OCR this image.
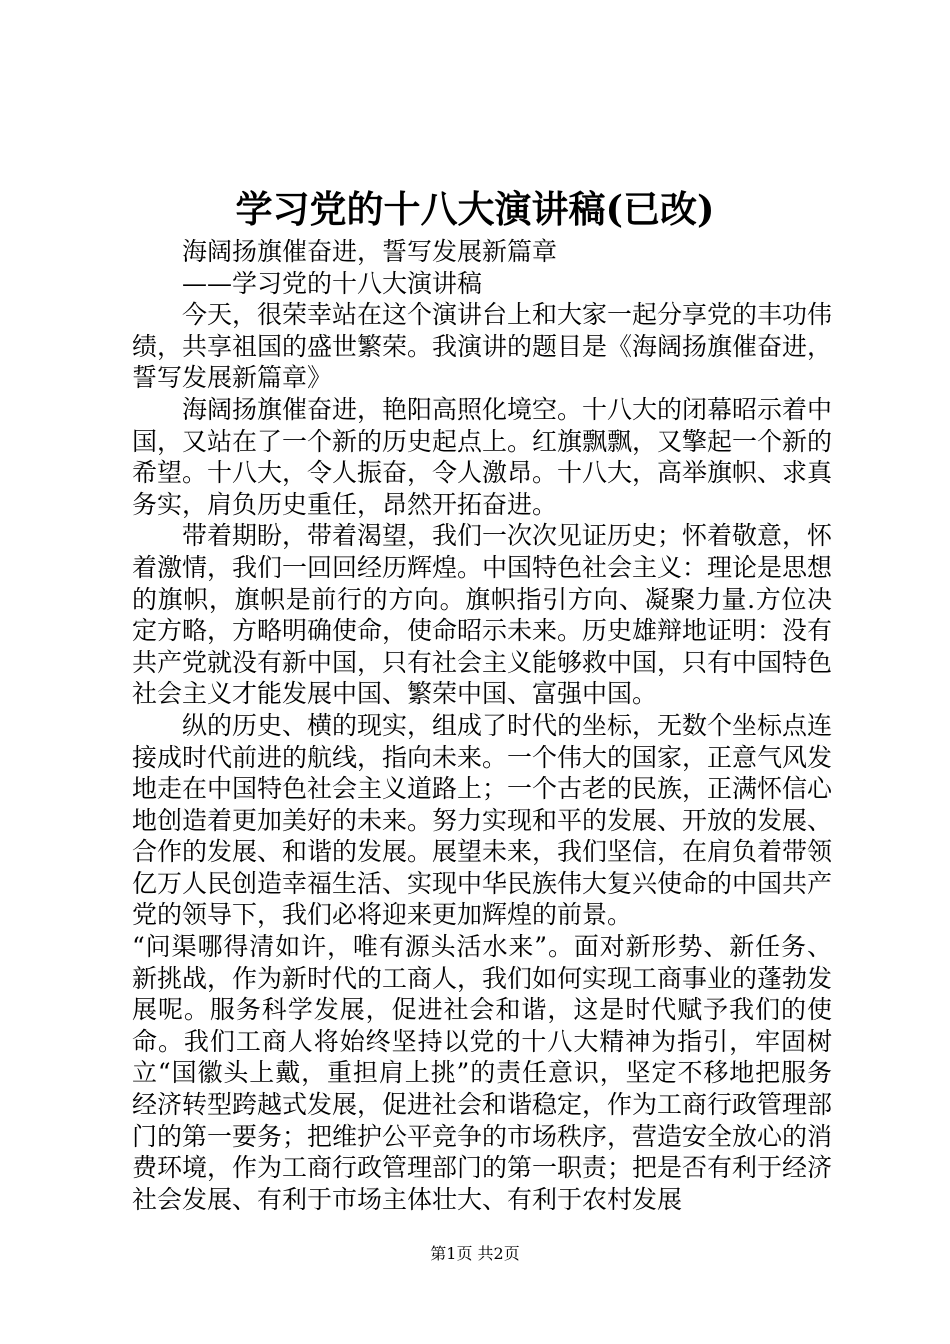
学习党的十八大演讲稿(已改)

海阔扬旗催奋进，誓写发展新篇章

——学习党的十八大演讲稿

今天，很荣幸站在这个演讲台上和大家一起分享党的丰功伟绩，共享祖国的盛世繁荣。我演讲的题目是《海阔扬旗催奋进，誓写发展新篇章》

海阔扬旗催奋进，艳阳高照化境空。十八大的闭幕昭示着中国，又站在了一个新的历史起点上。红旗飘飘，又擎起一个新的希望。十八大，令人振奋，令人激昂。十八大，高举旗帜、求真务实，肩负历史重任，昂然开拓奋进。

带着期盼，带着渴望，我们一次次见证历史；怀着敬意，怀着激情，我们一回回经历辉煌。中国特色社会主义：理论是思想的旗帜，旗帜是前行的方向。旗帜指引方向、凝聚力量.方位决定方略，方略明确使命，使命昭示未来。历史雄辩地证明：没有共产党就没有新中国，只有社会主义能够救中国，只有中国特色社会主义才能发展中国、繁荣中国、富强中国。

纵的历史、横的现实，组成了时代的坐标，无数个坐标点连接成时代前进的航线，指向未来。一个伟大的国家，正意气风发地走在中国特色社会主义道路上；一个古老的民族，正满怀信心地创造着更加美好的未来。努力实现和平的发展、开放的发展、合作的发展、和谐的发展。展望未来，我们坚信，在肩负着带领亿万人民创造幸福生活、实现中华民族伟大复兴使命的中国共产党的领导下，我们必将迎来更加辉煌的前景。

“问渠哪得清如许，唯有源头活水来”。面对新形势、新任务、新挑战，作为新时代的工商人，我们如何实现工商事业的蓬勃发展呢。服务科学发展，促进社会和谐，这是时代赋予我们的使命。我们工商人将始终坚持以党的十八大精神为指引，牢固树立“国徽头上戴，重担肩上挑”的责任意识，坚定不移地把服务经济转型跨越式发展，促进社会和谐稳定，作为工商行政管理部门的第一要务；把维护公平竞争的市场秩序，营造安全放心的消费环境，作为工商行政管理部门的第一职责；把是否有利于经济社会发展、有利于市场主体壮大、有利于农村发展

第1页 共2页
